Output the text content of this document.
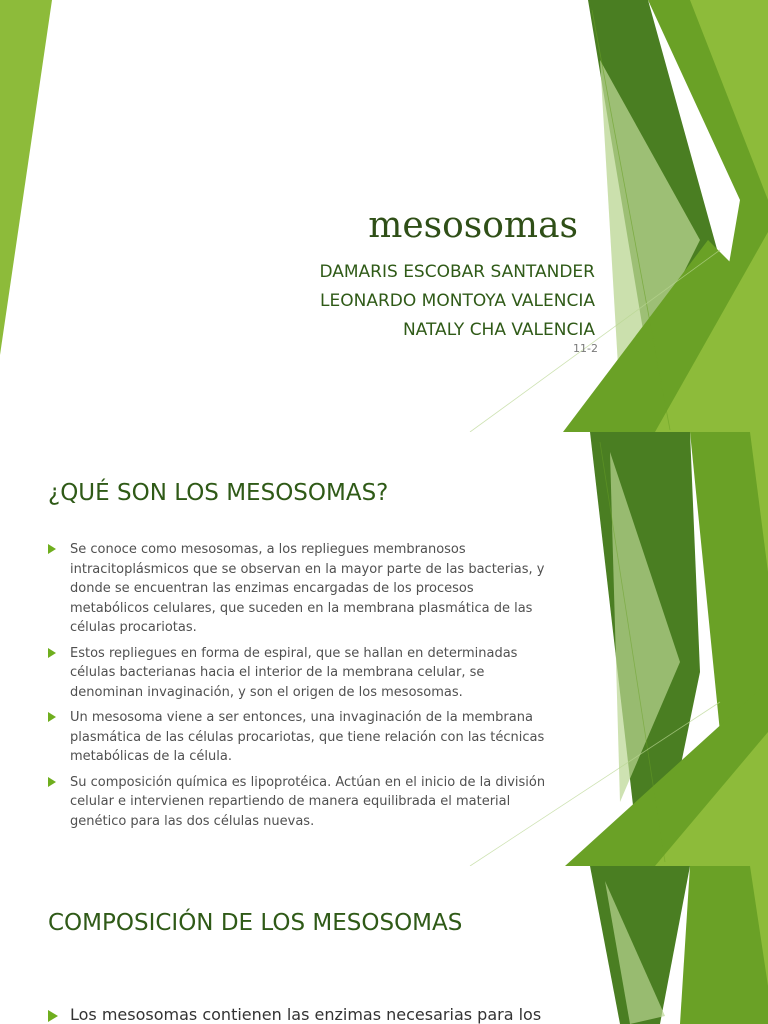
mesosomas
DAMARIS ESCOBAR SANTANDER
LEONARDO MONTOYA VALENCIA
NATALY CHA VALENCIA
11-2
¿QUÉ SON LOS MESOSOMAS?
Se conoce como mesosomas, a los repliegues membranosos intracitoplásmicos que se observan en la mayor parte de las bacterias, y donde se encuentran las enzimas encargadas de los procesos metabólicos celulares, que suceden en la membrana plasmática de las células procariotas.
Estos repliegues en forma de espiral, que se hallan en determinadas células bacterianas hacia el interior de la membrana celular, se denominan invaginación, y son el origen de los mesosomas.
Un mesosoma viene a ser entonces, una invaginación de la membrana plasmática de las células procariotas, que tiene relación con las técnicas metabólicas de la célula.
Su composición química es lipoprotéica. Actúan en el inicio de la división celular e intervienen repartiendo de manera equilibrada el material genético para las dos células nuevas.
COMPOSICIÓN DE LOS MESOSOMAS
Los mesosomas contienen las enzimas necesarias para los
